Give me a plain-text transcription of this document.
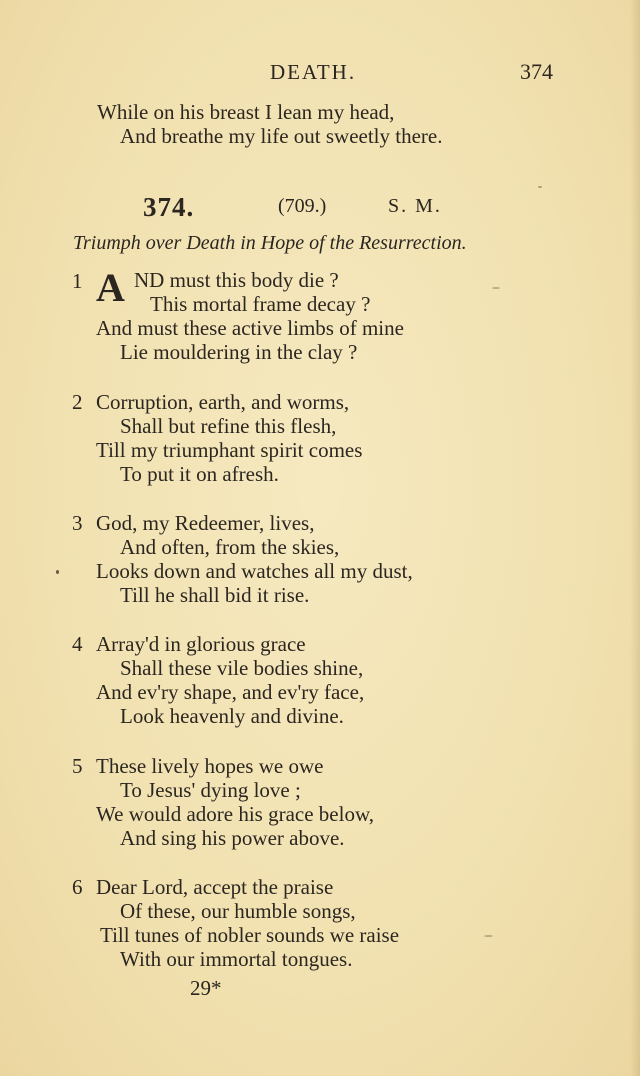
DEATH.	374
While on his breast I lean my head,
And breathe my life out sweetly there.
374.	(709.)	S. M.
Triumph over Death in Hope of the Resurrection.
1 A ND must this body die ?
This mortal frame decay ?
And must these active limbs of mine
Lie mouldering in the clay ?
2 Corruption, earth, and worms,
Shall but refine this flesh,
Till my triumphant spirit comes
To put it on afresh.
3 God, my Redeemer, lives,
And often, from the skies,
Looks down and watches all my dust,
Till he shall bid it rise.
4 Array'd in glorious grace
Shall these vile bodies shine,
And ev'ry shape, and ev'ry face,
Look heavenly and divine.
5 These lively hopes we owe
To Jesus' dying love ;
We would adore his grace below,
And sing his power above.
6 Dear Lord, accept the praise
Of these, our humble songs,
Till tunes of nobler sounds we raise
With our immortal tongues.
29*
